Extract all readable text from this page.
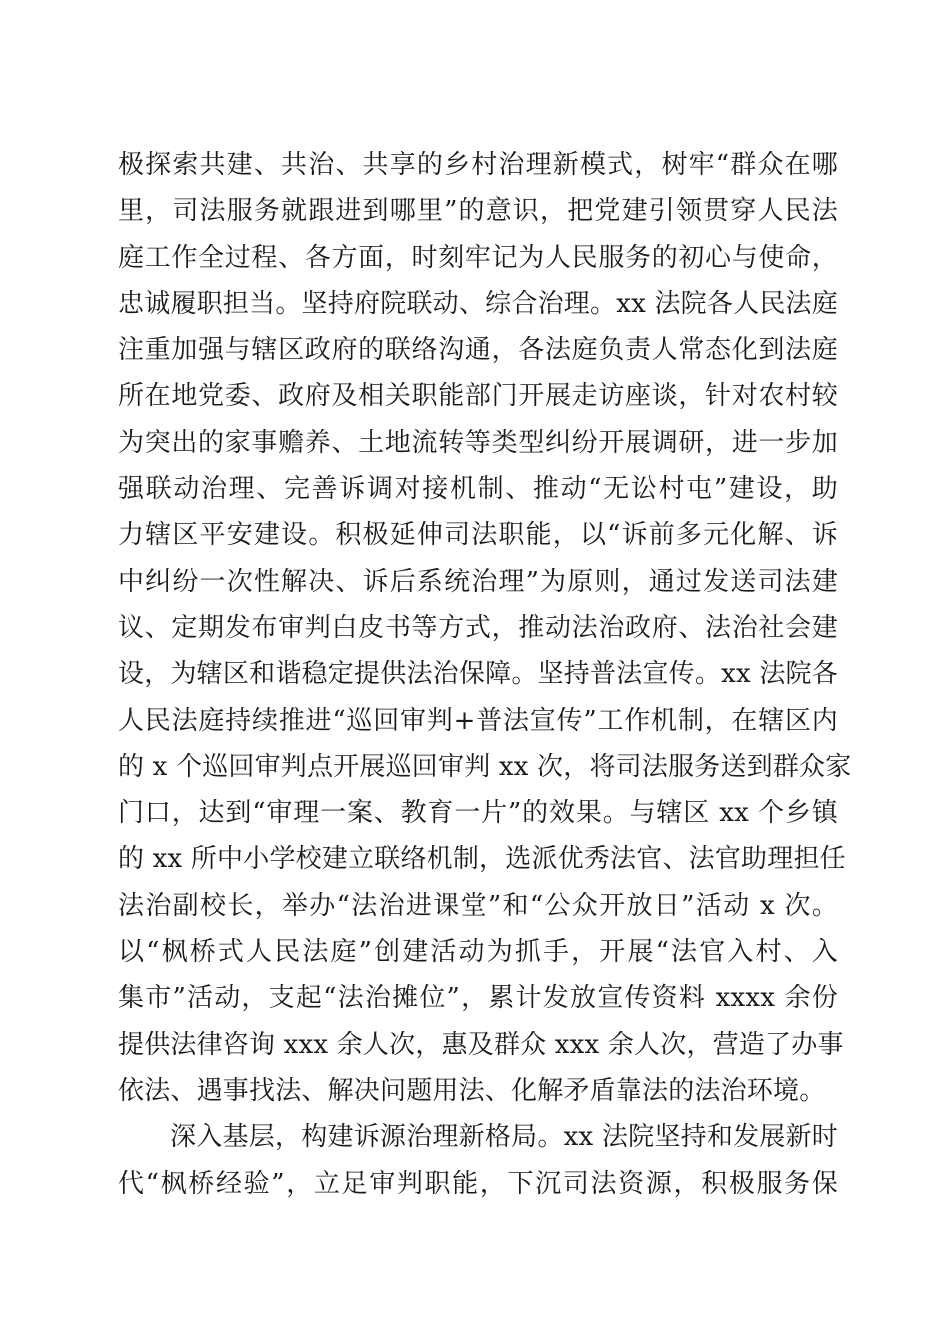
极探索共建、共治、共享的乡村治理新模式，树牢“群众在哪
里，司法服务就跟进到哪里”的意识，把党建引领贯穿人民法
庭工作全过程、各方面，时刻牢记为人民服务的初心与使命，
忠诚履职担当。坚持府院联动、综合治理。xx 法院各人民法庭
注重加强与辖区政府的联络沟通，各法庭负责人常态化到法庭
所在地党委、政府及相关职能部门开展走访座谈，针对农村较
为突出的家事赡养、土地流转等类型纠纷开展调研，进一步加
强联动治理、完善诉调对接机制、推动“无讼村屯”建设，助
力辖区平安建设。积极延伸司法职能，以“诉前多元化解、诉
中纠纷一次性解决、诉后系统治理”为原则，通过发送司法建
议、定期发布审判白皮书等方式，推动法治政府、法治社会建
设，为辖区和谐稳定提供法治保障。坚持普法宣传。xx 法院各
人民法庭持续推进“巡回审判+普法宣传”工作机制，在辖区内
的 x 个巡回审判点开展巡回审判 xx 次，将司法服务送到群众家
门口，达到“审理一案、教育一片”的效果。与辖区 xx 个乡镇
的 xx 所中小学校建立联络机制，选派优秀法官、法官助理担任
法治副校长，举办“法治进课堂”和“公众开放日”活动 x 次。
以“枫桥式人民法庭”创建活动为抓手，开展“法官入村、入
集市”活动，支起“法治摊位”，累计发放宣传资料 xxxx 余份
提供法律咨询 xxx 余人次，惠及群众 xxx 余人次，营造了办事
依法、遇事找法、解决问题用法、化解矛盾靠法的法治环境。
深入基层，构建诉源治理新格局。xx 法院坚持和发展新时
代“枫桥经验”，立足审判职能，下沉司法资源，积极服务保
